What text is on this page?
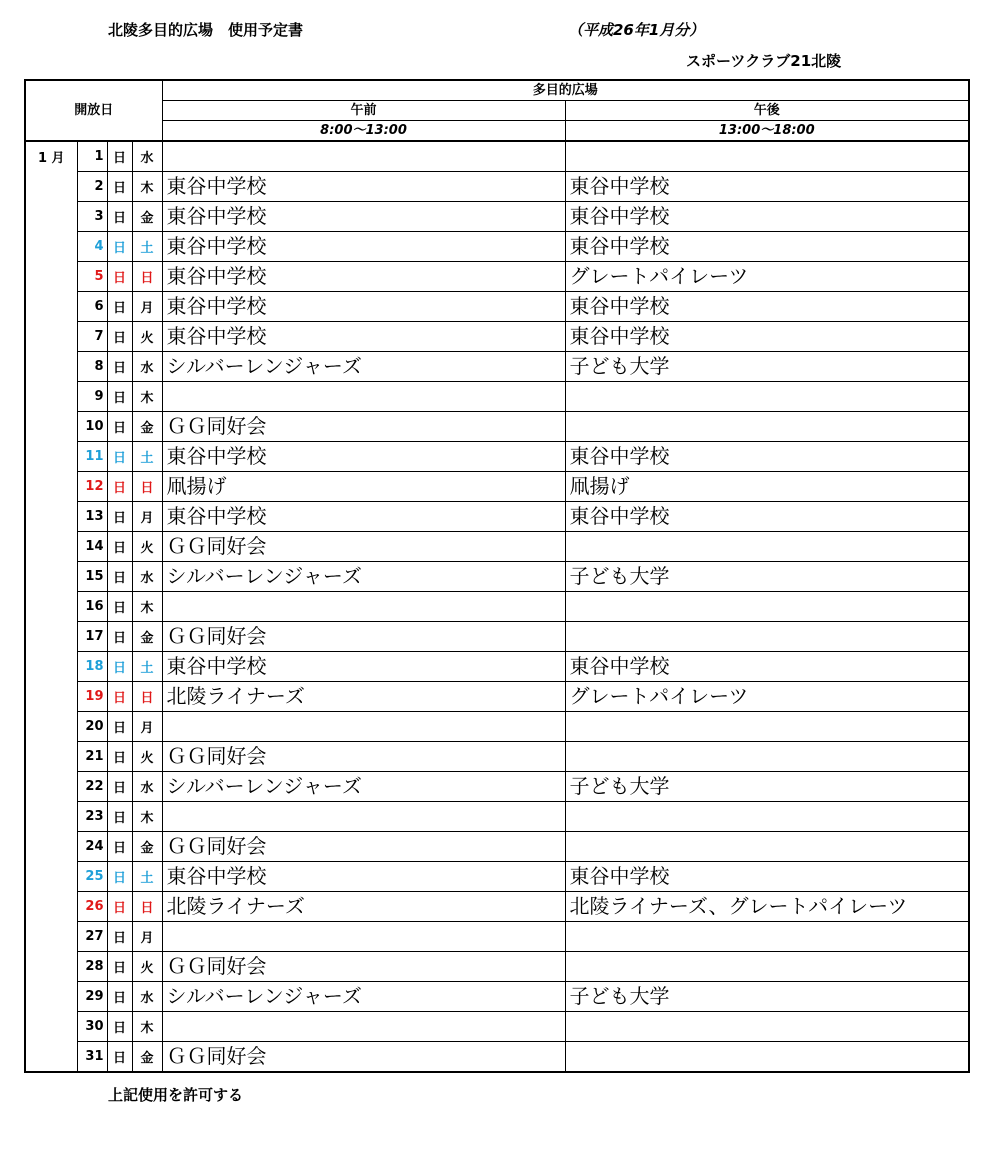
北陵多目的広場　使用予定書	（平成26年1月分）
スポーツクラブ21北陵
開放日				多目的広場	
				午前	午後
				8:00～13:00	13:00～18:00
1 月	1	日	水		
	2	日	木	東谷中学校	東谷中学校
	3	日	金	東谷中学校	東谷中学校
	4	日	土	東谷中学校	東谷中学校
	5	日	日	東谷中学校	グレートパイレーツ
	6	日	月	東谷中学校	東谷中学校
	7	日	火	東谷中学校	東谷中学校
	8	日	水	シルバーレンジャーズ	子ども大学
	9	日	木		
	10	日	金	ＧＧ同好会	
	11	日	土	東谷中学校	東谷中学校
	12	日	日	凧揚げ	凧揚げ
	13	日	月	東谷中学校	東谷中学校
	14	日	火	ＧＧ同好会	
	15	日	水	シルバーレンジャーズ	子ども大学
	16	日	木		
	17	日	金	ＧＧ同好会	
	18	日	土	東谷中学校	東谷中学校
	19	日	日	北陵ライナーズ	グレートパイレーツ
	20	日	月		
	21	日	火	ＧＧ同好会	
	22	日	水	シルバーレンジャーズ	子ども大学
	23	日	木		
	24	日	金	ＧＧ同好会	
	25	日	土	東谷中学校	東谷中学校
	26	日	日	北陵ライナーズ	北陵ライナーズ、グレートパイレーツ
	27	日	月		
	28	日	火	ＧＧ同好会	
	29	日	水	シルバーレンジャーズ	子ども大学
	30	日	木		
	31	日	金	ＧＧ同好会	
上記使用を許可する
